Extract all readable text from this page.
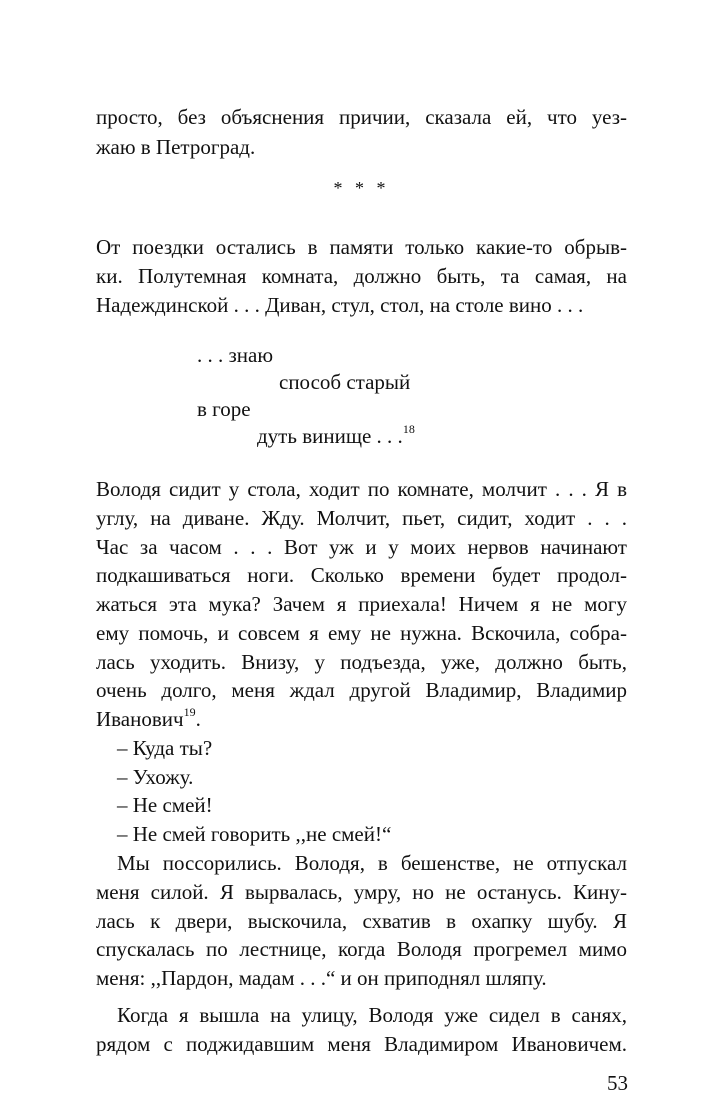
просто, без объяснения причии, сказала ей, что уез-
жаю в Петроград.
* * *
От поездки остались в памяти только какие-то обрыв-
ки. Полутемная комната, должно быть, та самая, на
Надеждинской . . . Диван, стул, стол, на столе вино . . .
. . . знаю
способ старый
в горе
дуть винище . . .$^{18}$
Володя сидит у стола, ходит по комнате, молчит . . . Я в
углу, на диване. Жду. Молчит, пьет, сидит, ходит . . .
Час за часом . . . Вот уж и у моих нервов начинают
подкашиваться ноги. Сколько времени будет продол-
жаться эта мука? Зачем я приехала! Ничем я не могу
ему помочь, и совсем я ему не нужна. Вскочила, собра-
лась уходить. Внизу, у подъезда, уже, должно быть,
очень долго, меня ждал другой Владимир, Владимир
Иванович$^{19}$.
– Куда ты?
– Ухожу.
– Не смей!
– Не смей говорить ,,не смей!“
Мы поссорились. Володя, в бешенстве, не отпускал
меня силой. Я вырвалась, умру, но не останусь. Кину-
лась к двери, выскочила, схватив в охапку шубу. Я
спускалась по лестнице, когда Володя прогремел мимо
меня: ,,Пардон, мадам . . .“ и он приподнял шляпу.
Когда я вышла на улицу, Володя уже сидел в санях,
рядом с поджидавшим меня Владимиром Ивановичем.
53
